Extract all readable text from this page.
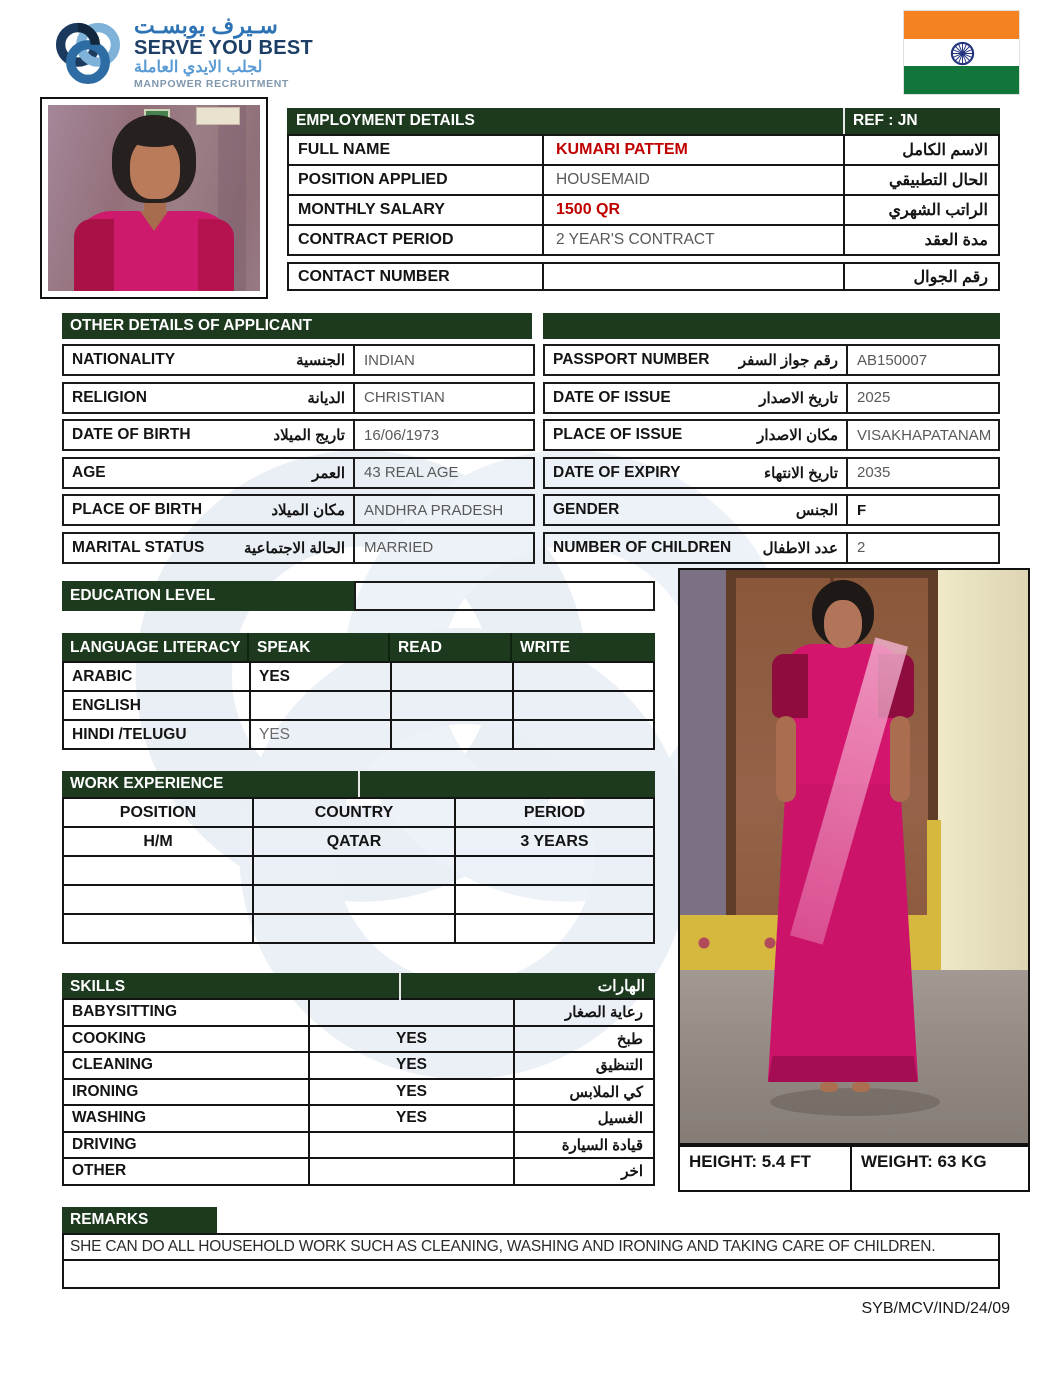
سـيرف يوبسـت
SERVE YOU BEST
لجلب الايدي العاملة
MANPOWER RECRUITMENT
EMPLOYMENT DETAILS	REF : JN
FULL NAME	KUMARI PATTEM	الاسم الكامل
POSITION APPLIED	HOUSEMAID	الحال التطبيقي
MONTHLY SALARY	1500 QR	الراتب الشهري
CONTRACT PERIOD	2 YEAR'S CONTRACT	مدة العقد
CONTACT NUMBER	رقم الجوال
OTHER DETAILS OF APPLICANT
NATIONALITY	الجنسية	INDIAN
RELIGION	الديانة	CHRISTIAN
DATE OF BIRTH	تاريج الميلاد	16/06/1973
AGE	العمر	43 REAL AGE
PLACE OF BIRTH	مكان الميلاد	ANDHRA PRADESH
MARITAL STATUS	الحالة الاجتماعية	MARRIED
PASSPORT NUMBER رقم جواز السفر	AB150007
DATE OF ISSUE	تاريخ الاصدار	2025
PLACE OF ISSUE	مكان الاصدار	VISAKHAPATANAM
DATE OF EXPIRY	تاريخ الانتهاء	2035
GENDER	الجنس	F
NUMBER OF CHILDREN عدد الاطفال	2
EDUCATION LEVEL
LANGUAGE LITERACY	SPEAK	READ	WRITE
ARABIC	YES
ENGLISH
HINDI /TELUGU	YES
WORK EXPERIENCE
POSITION	COUNTRY	PERIOD
H/M	QATAR	3 YEARS
SKILLS	الهارات
BABYSITTING	رعاية الصغار
COOKING	YES	طبخ
CLEANING	YES	التنظيق
IRONING	YES	كي الملابس
WASHING	YES	الغسيل
DRIVING	قيادة السيارة
OTHER	اخر
HEIGHT: 5.4 FT	WEIGHT: 63 KG
REMARKS
SHE CAN DO ALL HOUSEHOLD WORK SUCH AS CLEANING, WASHING AND IRONING AND TAKING CARE OF CHILDREN.
SYB/MCV/IND/24/09
